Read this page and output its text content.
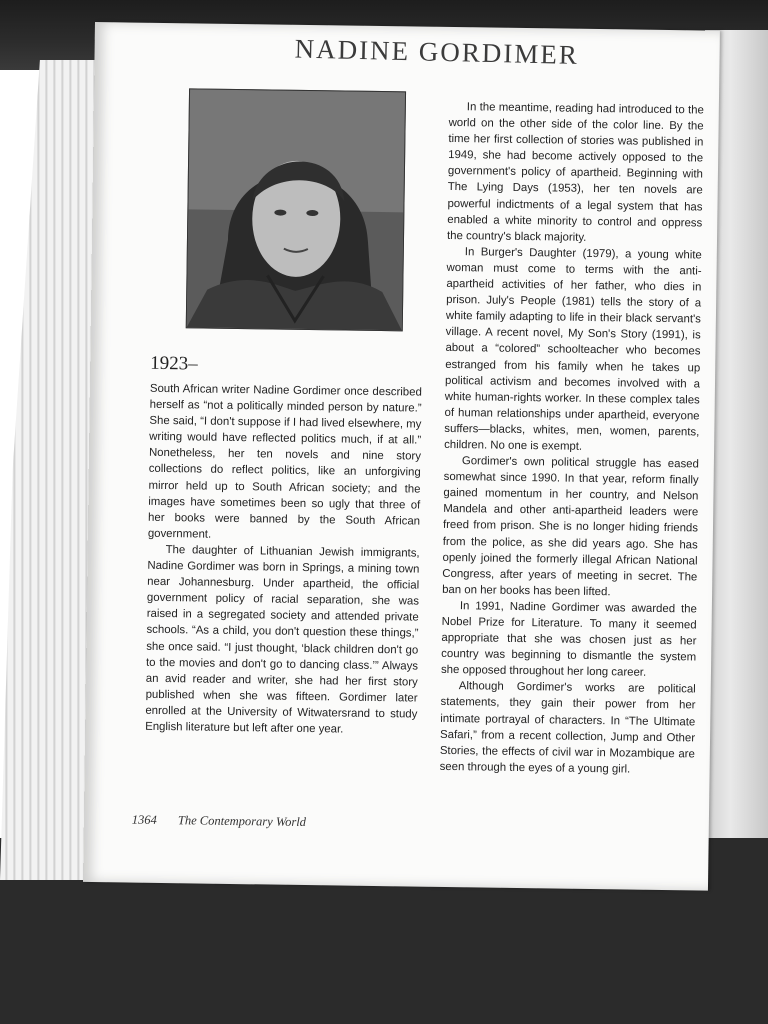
NADINE GORDIMER
1923–

South African writer Nadine Gordimer once described herself as “not a politically minded person by nature.” She said, “I don't suppose if I had lived elsewhere, my writing would have reflected politics much, if at all.” Nonetheless, her ten novels and nine story collections do reflect politics, like an unforgiving mirror held up to South African society; and the images have sometimes been so ugly that three of her books were banned by the South African government.

The daughter of Lithuanian Jewish immigrants, Nadine Gordimer was born in Springs, a mining town near Johannesburg. Under apartheid, the official government policy of racial separation, she was raised in a segregated society and attended private schools. “As a child, you don't question these things,” she once said. “I just thought, ‘black children don't go to the movies and don't go to dancing class.’” Always an avid reader and writer, she had her first story published when she was fifteen. Gordimer later enrolled at the University of Witwatersrand to study English literature but left after one year.

In the meantime, reading had introduced to the world on the other side of the color line. By the time her first collection of stories was published in 1949, she had become actively opposed to the government's policy of apartheid. Beginning with The Lying Days (1953), her ten novels are powerful indictments of a legal system that has enabled a white minority to control and oppress the country's black majority.

In Burger's Daughter (1979), a young white woman must come to terms with the anti-apartheid activities of her father, who dies in prison. July's People (1981) tells the story of a white family adapting to life in their black servant's village. A recent novel, My Son's Story (1991), is about a “colored” schoolteacher who becomes estranged from his family when he takes up political activism and becomes involved with a white human-rights worker. In these complex tales of human relationships under apartheid, everyone suffers—blacks, whites, men, women, parents, children. No one is exempt.

Gordimer's own political struggle has eased somewhat since 1990. In that year, reform finally gained momentum in her country, and Nelson Mandela and other anti-apartheid leaders were freed from prison. She is no longer hiding friends from the police, as she did years ago. She has openly joined the formerly illegal African National Congress, after years of meeting in secret. The ban on her books has been lifted.

In 1991, Nadine Gordimer was awarded the Nobel Prize for Literature. To many it seemed appropriate that she was chosen just as her country was beginning to dismantle the system she opposed throughout her long career.

Although Gordimer's works are political statements, they gain their power from her intimate portrayal of characters. In “The Ultimate Safari,” from a recent collection, Jump and Other Stories, the effects of civil war in Mozambique are seen through the eyes of a young girl.

1364 The Contemporary World
